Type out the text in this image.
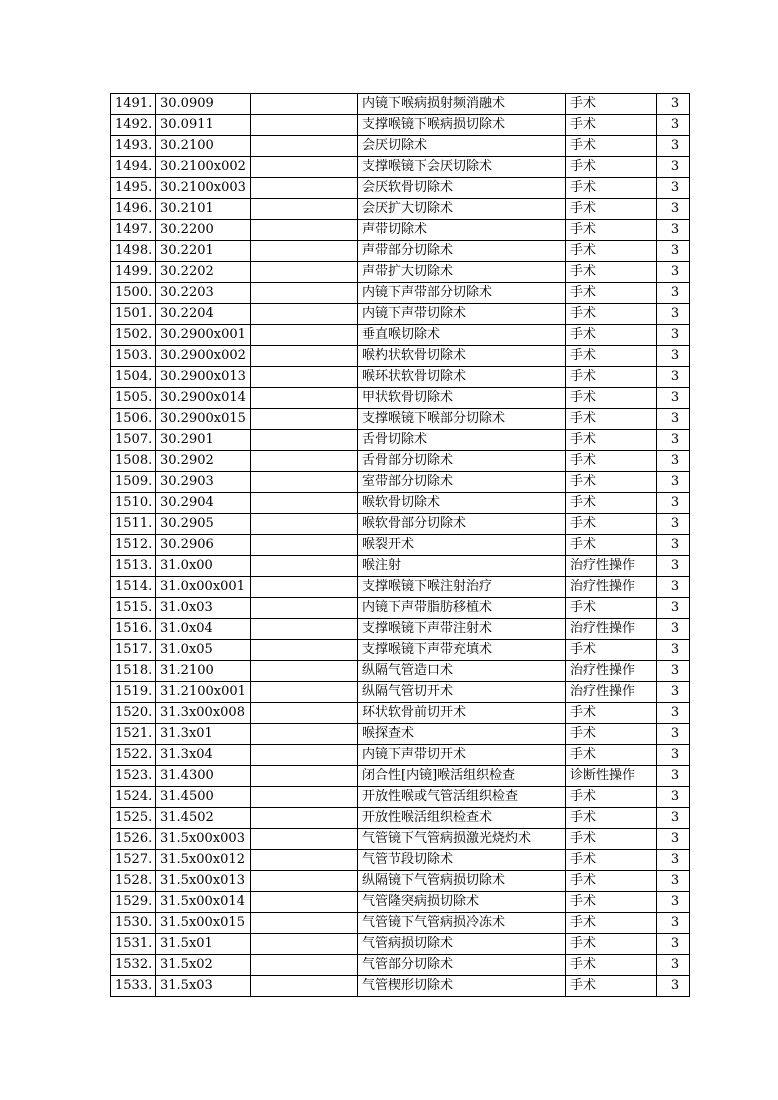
1491.	30.0909		内镜下喉病损射频消融术	手术	3
1492.	30.0911		支撑喉镜下喉病损切除术	手术	3
1493.	30.2100		会厌切除术	手术	3
1494.	30.2100x002		支撑喉镜下会厌切除术	手术	3
1495.	30.2100x003		会厌软骨切除术	手术	3
1496.	30.2101		会厌扩大切除术	手术	3
1497.	30.2200		声带切除术	手术	3
1498.	30.2201		声带部分切除术	手术	3
1499.	30.2202		声带扩大切除术	手术	3
1500.	30.2203		内镜下声带部分切除术	手术	3
1501.	30.2204		内镜下声带切除术	手术	3
1502.	30.2900x001		垂直喉切除术	手术	3
1503.	30.2900x002		喉杓状软骨切除术	手术	3
1504.	30.2900x013		喉环状软骨切除术	手术	3
1505.	30.2900x014		甲状软骨切除术	手术	3
1506.	30.2900x015		支撑喉镜下喉部分切除术	手术	3
1507.	30.2901		舌骨切除术	手术	3
1508.	30.2902		舌骨部分切除术	手术	3
1509.	30.2903		室带部分切除术	手术	3
1510.	30.2904		喉软骨切除术	手术	3
1511.	30.2905		喉软骨部分切除术	手术	3
1512.	30.2906		喉裂开术	手术	3
1513.	31.0x00		喉注射	治疗性操作	3
1514.	31.0x00x001		支撑喉镜下喉注射治疗	治疗性操作	3
1515.	31.0x03		内镜下声带脂肪移植术	手术	3
1516.	31.0x04		支撑喉镜下声带注射术	治疗性操作	3
1517.	31.0x05		支撑喉镜下声带充填术	手术	3
1518.	31.2100		纵隔气管造口术	治疗性操作	3
1519.	31.2100x001		纵隔气管切开术	治疗性操作	3
1520.	31.3x00x008		环状软骨前切开术	手术	3
1521.	31.3x01		喉探查术	手术	3
1522.	31.3x04		内镜下声带切开术	手术	3
1523.	31.4300		闭合性[内镜]喉活组织检查	诊断性操作	3
1524.	31.4500		开放性喉或气管活组织检查	手术	3
1525.	31.4502		开放性喉活组织检查术	手术	3
1526.	31.5x00x003		气管镜下气管病损激光烧灼术	手术	3
1527.	31.5x00x012		气管节段切除术	手术	3
1528.	31.5x00x013		纵隔镜下气管病损切除术	手术	3
1529.	31.5x00x014		气管隆突病损切除术	手术	3
1530.	31.5x00x015		气管镜下气管病损冷冻术	手术	3
1531.	31.5x01		气管病损切除术	手术	3
1532.	31.5x02		气管部分切除术	手术	3
1533.	31.5x03		气管楔形切除术	手术	3
